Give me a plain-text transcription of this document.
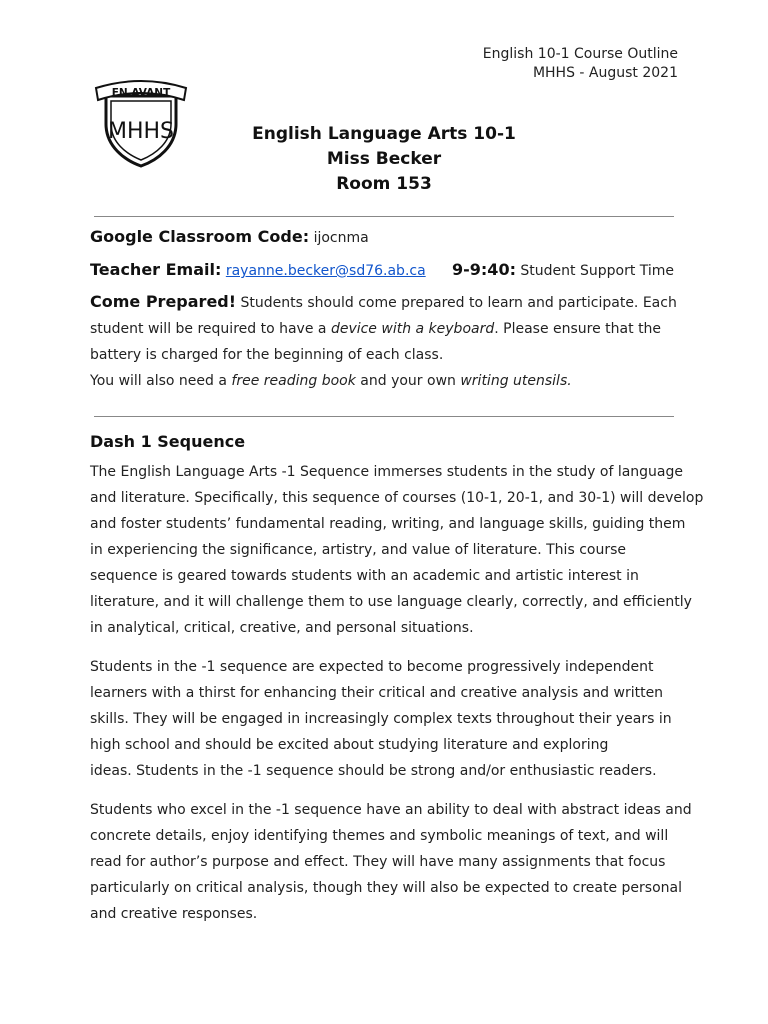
English 10-1 Course Outline
MHHS - August 2021
EN AVANT
MHHS	English Language Arts 10-1
Miss Becker
Room 153
Google Classroom Code: ijocnma
Teacher Email: rayanne.becker@sd76.ab.ca 9-9:40: Student Support Time
Come Prepared! Students should come prepared to learn and participate. Each
student will be required to have a device with a keyboard. Please ensure that the
battery is charged for the beginning of each class.
You will also need a free reading book and your own writing utensils.
Dash 1 Sequence
The English Language Arts -1 Sequence immerses students in the study of language
and literature. Specifically, this sequence of courses (10-1, 20-1, and 30-1) will develop
and foster students’ fundamental reading, writing, and language skills, guiding them
in experiencing the significance, artistry, and value of literature. This course
sequence is geared towards students with an academic and artistic interest in
literature, and it will challenge them to use language clearly, correctly, and efficiently
in analytical, critical, creative, and personal situations.
Students in the -1 sequence are expected to become progressively independent
learners with a thirst for enhancing their critical and creative analysis and written
skills. They will be engaged in increasingly complex texts throughout their years in
high school and should be excited about studying literature and exploring
ideas. Students in the -1 sequence should be strong and/or enthusiastic readers.
Students who excel in the -1 sequence have an ability to deal with abstract ideas and
concrete details, enjoy identifying themes and symbolic meanings of text, and will
read for author’s purpose and effect. They will have many assignments that focus
particularly on critical analysis, though they will also be expected to create personal
and creative responses.
